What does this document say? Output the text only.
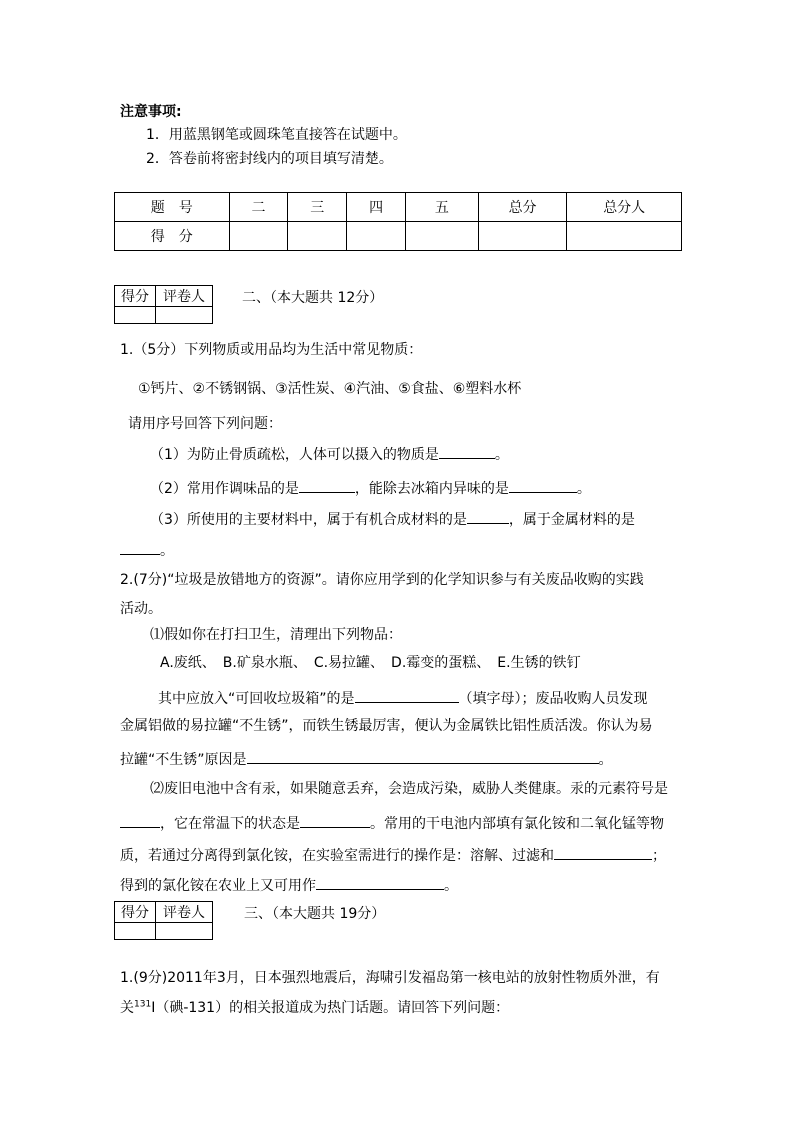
注意事项:
1．用蓝黑钢笔或圆珠笔直接答在试题中。
2．答卷前将密封线内的项目填写清楚。
题　号	二	三	四	五	总分	总分人
得　分						
得分	评卷人
		二、（本大题共 12分）
1.（5分）下列物质或用品均为生活中常见物质：
①钙片、②不锈钢锅、③活性炭、④汽油、⑤食盐、⑥塑料水杯
请用序号回答下列问题：
（1）为防止骨质疏松，人体可以摄入的物质是	。
（2）常用作调味品的是	，能除去冰箱内异味的是	。
（3）所使用的主要材料中，属于有机合成材料的是	，属于金属材料的是
。
2.(7分)“垃圾是放错地方的资源”。请你应用学到的化学知识参与有关废品收购的实践
活动。
⑴假如你在打扫卫生，清理出下列物品：
A.废纸、　B.矿泉水瓶、　C.易拉罐、　D.霉变的蛋糕、　E.生锈的铁钉
其中应放入“可回收垃圾箱”的是	（填字母）；废品收购人员发现
金属铝做的易拉罐“不生锈”，而铁生锈最厉害，便认为金属铁比铝性质活泼。你认为易
拉罐“不生锈”原因是	。
⑵废旧电池中含有汞，如果随意丢弃，会造成污染，威胁人类健康。汞的元素符号是
，它在常温下的状态是	。常用的干电池内部填有氯化铵和二氧化锰等物
质，若通过分离得到氯化铵，在实验室需进行的操作是：溶解、过滤和	；
得到的氯化铵在农业上又可用作	。
得分	评卷人
		三、（本大题共 19分）
1.(9分)2011年3月，日本强烈地震后，海啸引发福岛第一核电站的放射性物质外泄，有
关$^{131}$I（碘-131）的相关报道成为热门话题。请回答下列问题：
